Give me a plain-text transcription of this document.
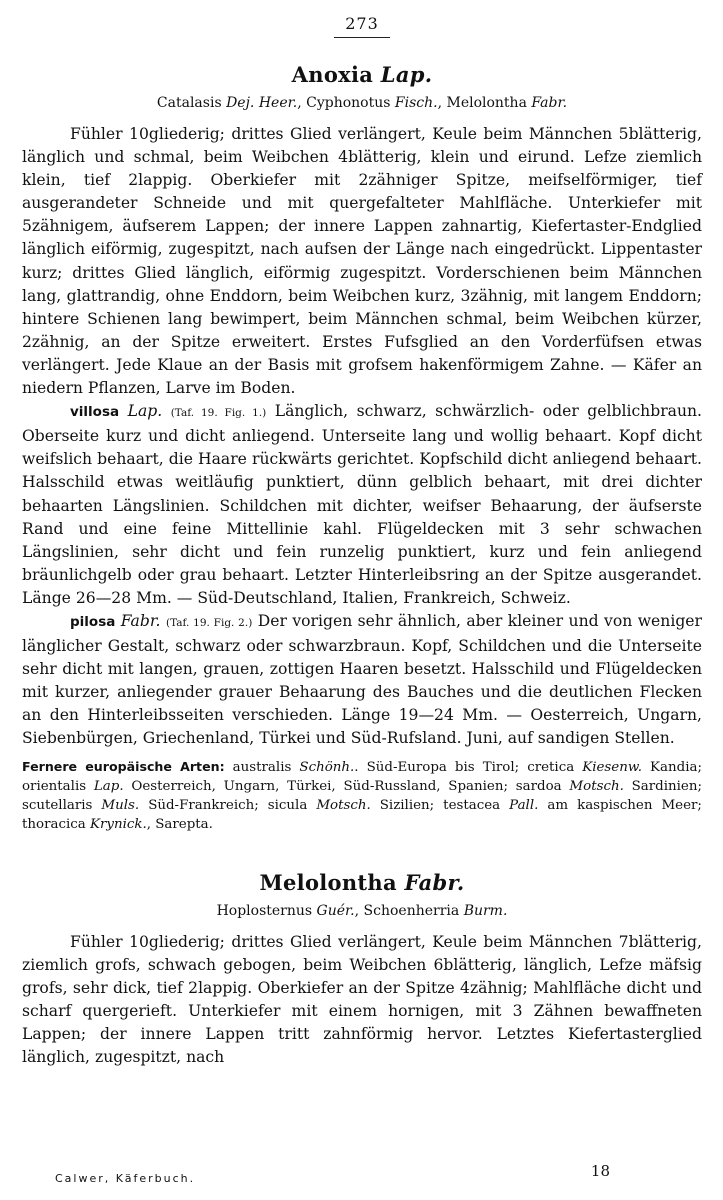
273

Anoxia Lap.

Catalasis Dej. Heer., Cyphonotus Fisch., Melolontha Fabr.

Fühler 10gliederig; drittes Glied verlängert, Keule beim Männchen 5blätterig, länglich und schmal, beim Weibchen 4blätterig, klein und eirund. Lefze ziemlich klein, tief 2lappig. Oberkiefer mit 2zähniger Spitze, meifselförmiger, tief ausgerandeter Schneide und mit quergefalteter Mahlfläche. Unterkiefer mit 5zähnigem, äufserem Lappen; der innere Lappen zahnartig, Kiefertaster-Endglied länglich eiförmig, zugespitzt, nach aufsen der Länge nach eingedrückt. Lippentaster kurz; drittes Glied länglich, eiförmig zugespitzt. Vorderschienen beim Männchen lang, glattrandig, ohne Enddorn, beim Weibchen kurz, 3zähnig, mit langem Enddorn; hintere Schienen lang bewimpert, beim Männchen schmal, beim Weibchen kürzer, 2zähnig, an der Spitze erweitert. Erstes Fufsglied an den Vorderfüfsen etwas verlängert. Jede Klaue an der Basis mit grofsem hakenförmigem Zahne. — Käfer an niedern Pflanzen, Larve im Boden.

villosa Lap. (Taf. 19. Fig. 1.) Länglich, schwarz, schwärzlich- oder gelblichbraun. Oberseite kurz und dicht anliegend. Unterseite lang und wollig behaart. Kopf dicht weifslich behaart, die Haare rückwärts gerichtet. Kopfschild dicht anliegend behaart. Halsschild etwas weitläufig punktiert, dünn gelblich behaart, mit drei dichter behaarten Längslinien. Schildchen mit dichter, weifser Behaarung, der äufserste Rand und eine feine Mittellinie kahl. Flügeldecken mit 3 sehr schwachen Längslinien, sehr dicht und fein runzelig punktiert, kurz und fein anliegend bräunlichgelb oder grau behaart. Letzter Hinterleibsring an der Spitze ausgerandet. Länge 26—28 Mm. — Süd-Deutschland, Italien, Frankreich, Schweiz.

pilosa Fabr. (Taf. 19. Fig. 2.) Der vorigen sehr ähnlich, aber kleiner und von weniger länglicher Gestalt, schwarz oder schwarzbraun. Kopf, Schildchen und die Unterseite sehr dicht mit langen, grauen, zottigen Haaren besetzt. Halsschild und Flügeldecken mit kurzer, anliegender grauer Behaarung des Bauches und die deutlichen Flecken an den Hinterleibsseiten verschieden. Länge 19—24 Mm. — Oesterreich, Ungarn, Siebenbürgen, Griechenland, Türkei und Süd-Rufsland. Juni, auf sandigen Stellen.

Fernere europäische Arten: australis Schönh.. Süd-Europa bis Tirol; cretica Kiesenw. Kandia; orientalis Lap. Oesterreich, Ungarn, Türkei, Süd-Russland, Spanien; sardoa Motsch. Sardinien; scutellaris Muls. Süd-Frankreich; sicula Motsch. Sizilien; testacea Pall. am kaspischen Meer; thoracica Krynick., Sarepta.

Melolontha Fabr.

Hoplosternus Guér., Schoenherria Burm.

Fühler 10gliederig; drittes Glied verlängert, Keule beim Männchen 7blätterig, ziemlich grofs, schwach gebogen, beim Weibchen 6blätterig, länglich, Lefze mäfsig grofs, sehr dick, tief 2lappig. Oberkiefer an der Spitze 4zähnig; Mahlfläche dicht und scharf quergerieft. Unterkiefer mit einem hornigen, mit 3 Zähnen bewaffneten Lappen; der innere Lappen tritt zahnförmig hervor. Letztes Kiefertasterglied länglich, zugespitzt, nach

Calwer, Käferbuch.	18
